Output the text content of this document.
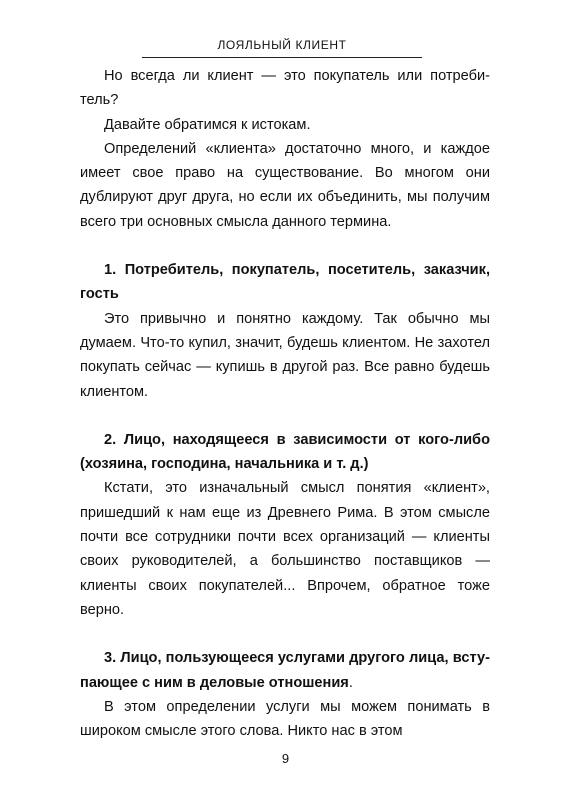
ЛОЯЛЬНЫЙ КЛИЕНТ

Но всегда ли клиент — это покупатель или потребитель?

Давайте обратимся к истокам.

Определений «клиента» достаточно много, и каждое имеет свое право на существование. Во многом они дублируют друг друга, но если их объединить, мы получим всего три основных смысла данного термина.

1. Потребитель, покупатель, посетитель, заказчик, гость

Это привычно и понятно каждому. Так обычно мы думаем. Что-то купил, значит, будешь клиентом. Не захотел покупать сейчас — купишь в другой раз. Все равно будешь клиентом.

2. Лицо, находящееся в зависимости от кого-либо (хозяина, господина, начальника и т. д.)

Кстати, это изначальный смысл понятия «клиент», пришедший к нам еще из Древнего Рима. В этом смысле почти все сотрудники почти всех организаций — клиенты своих руководителей, а большинство поставщиков — клиенты своих покупателей... Впрочем, обратное тоже верно.

3. Лицо, пользующееся услугами другого лица, вступающее с ним в деловые отношения.

В этом определении услуги мы можем понимать в широком смысле этого слова. Никто нас в этом

9
